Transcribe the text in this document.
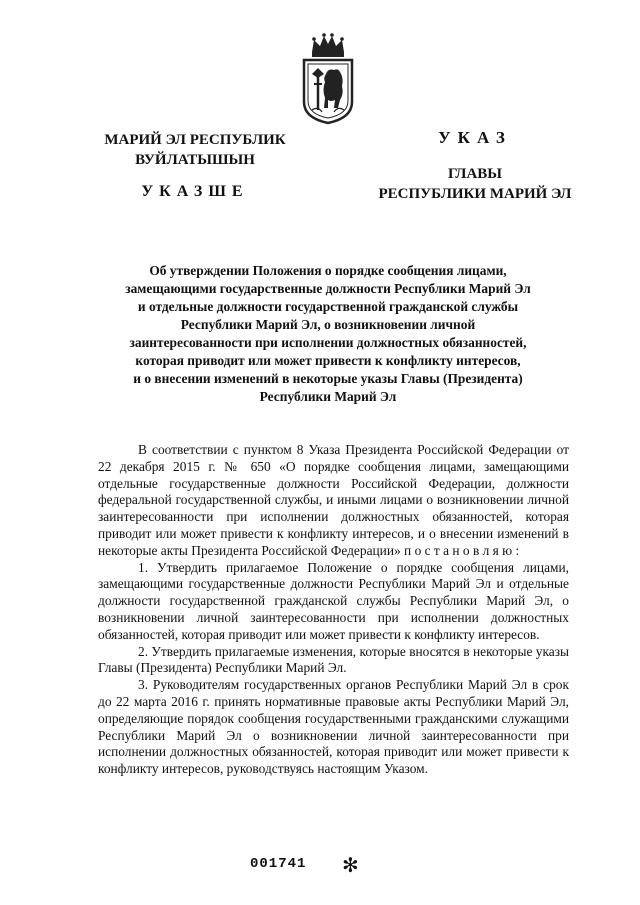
МАРИЙ ЭЛ РЕСПУБЛИК
ВУЙЛАТЫШЫН
УКАЗШЕ
УКАЗ
ГЛАВЫ
РЕСПУБЛИКИ МАРИЙ ЭЛ
Об утверждении Положения о порядке сообщения лицами,
замещающими государственные должности Республики Марий Эл
и отдельные должности государственной гражданской службы
Республики Марий Эл, о возникновении личной
заинтересованности при исполнении должностных обязанностей,
которая приводит или может привести к конфликту интересов,
и о внесении изменений в некоторые указы Главы (Президента)
Республики Марий Эл

В соответствии с пунктом 8 Указа Президента Российской Федерации от 22 декабря 2015 г. № 650 «О порядке сообщения лицами, замещающими отдельные государственные должности Российской Федерации, должности федеральной государственной службы, и иными лицами о возникновении личной заинтересованности при исполнении должностных обязанностей, которая приводит или может привести к конфликту интересов, и о внесении изменений в некоторые акты Президента Российской Федерации» п о с т а н о в л я ю :

1. Утвердить прилагаемое Положение о порядке сообщения лицами, замещающими государственные должности Республики Марий Эл и отдельные должности государственной гражданской службы Республики Марий Эл, о возникновении личной заинтересованности при исполнении должностных обязанностей, которая приводит или может привести к конфликту интересов.

2. Утвердить прилагаемые изменения, которые вносятся в некоторые указы Главы (Президента) Республики Марий Эл.

3. Руководителям государственных органов Республики Марий Эл в срок до 22 марта 2016 г. принять нормативные правовые акты Республики Марий Эл, определяющие порядок сообщения государственными гражданскими служащими Республики Марий Эл о возникновении личной заинтересованности при исполнении должностных обязанностей, которая приводит или может привести к конфликту интересов, руководствуясь настоящим Указом.

001741 ✻
